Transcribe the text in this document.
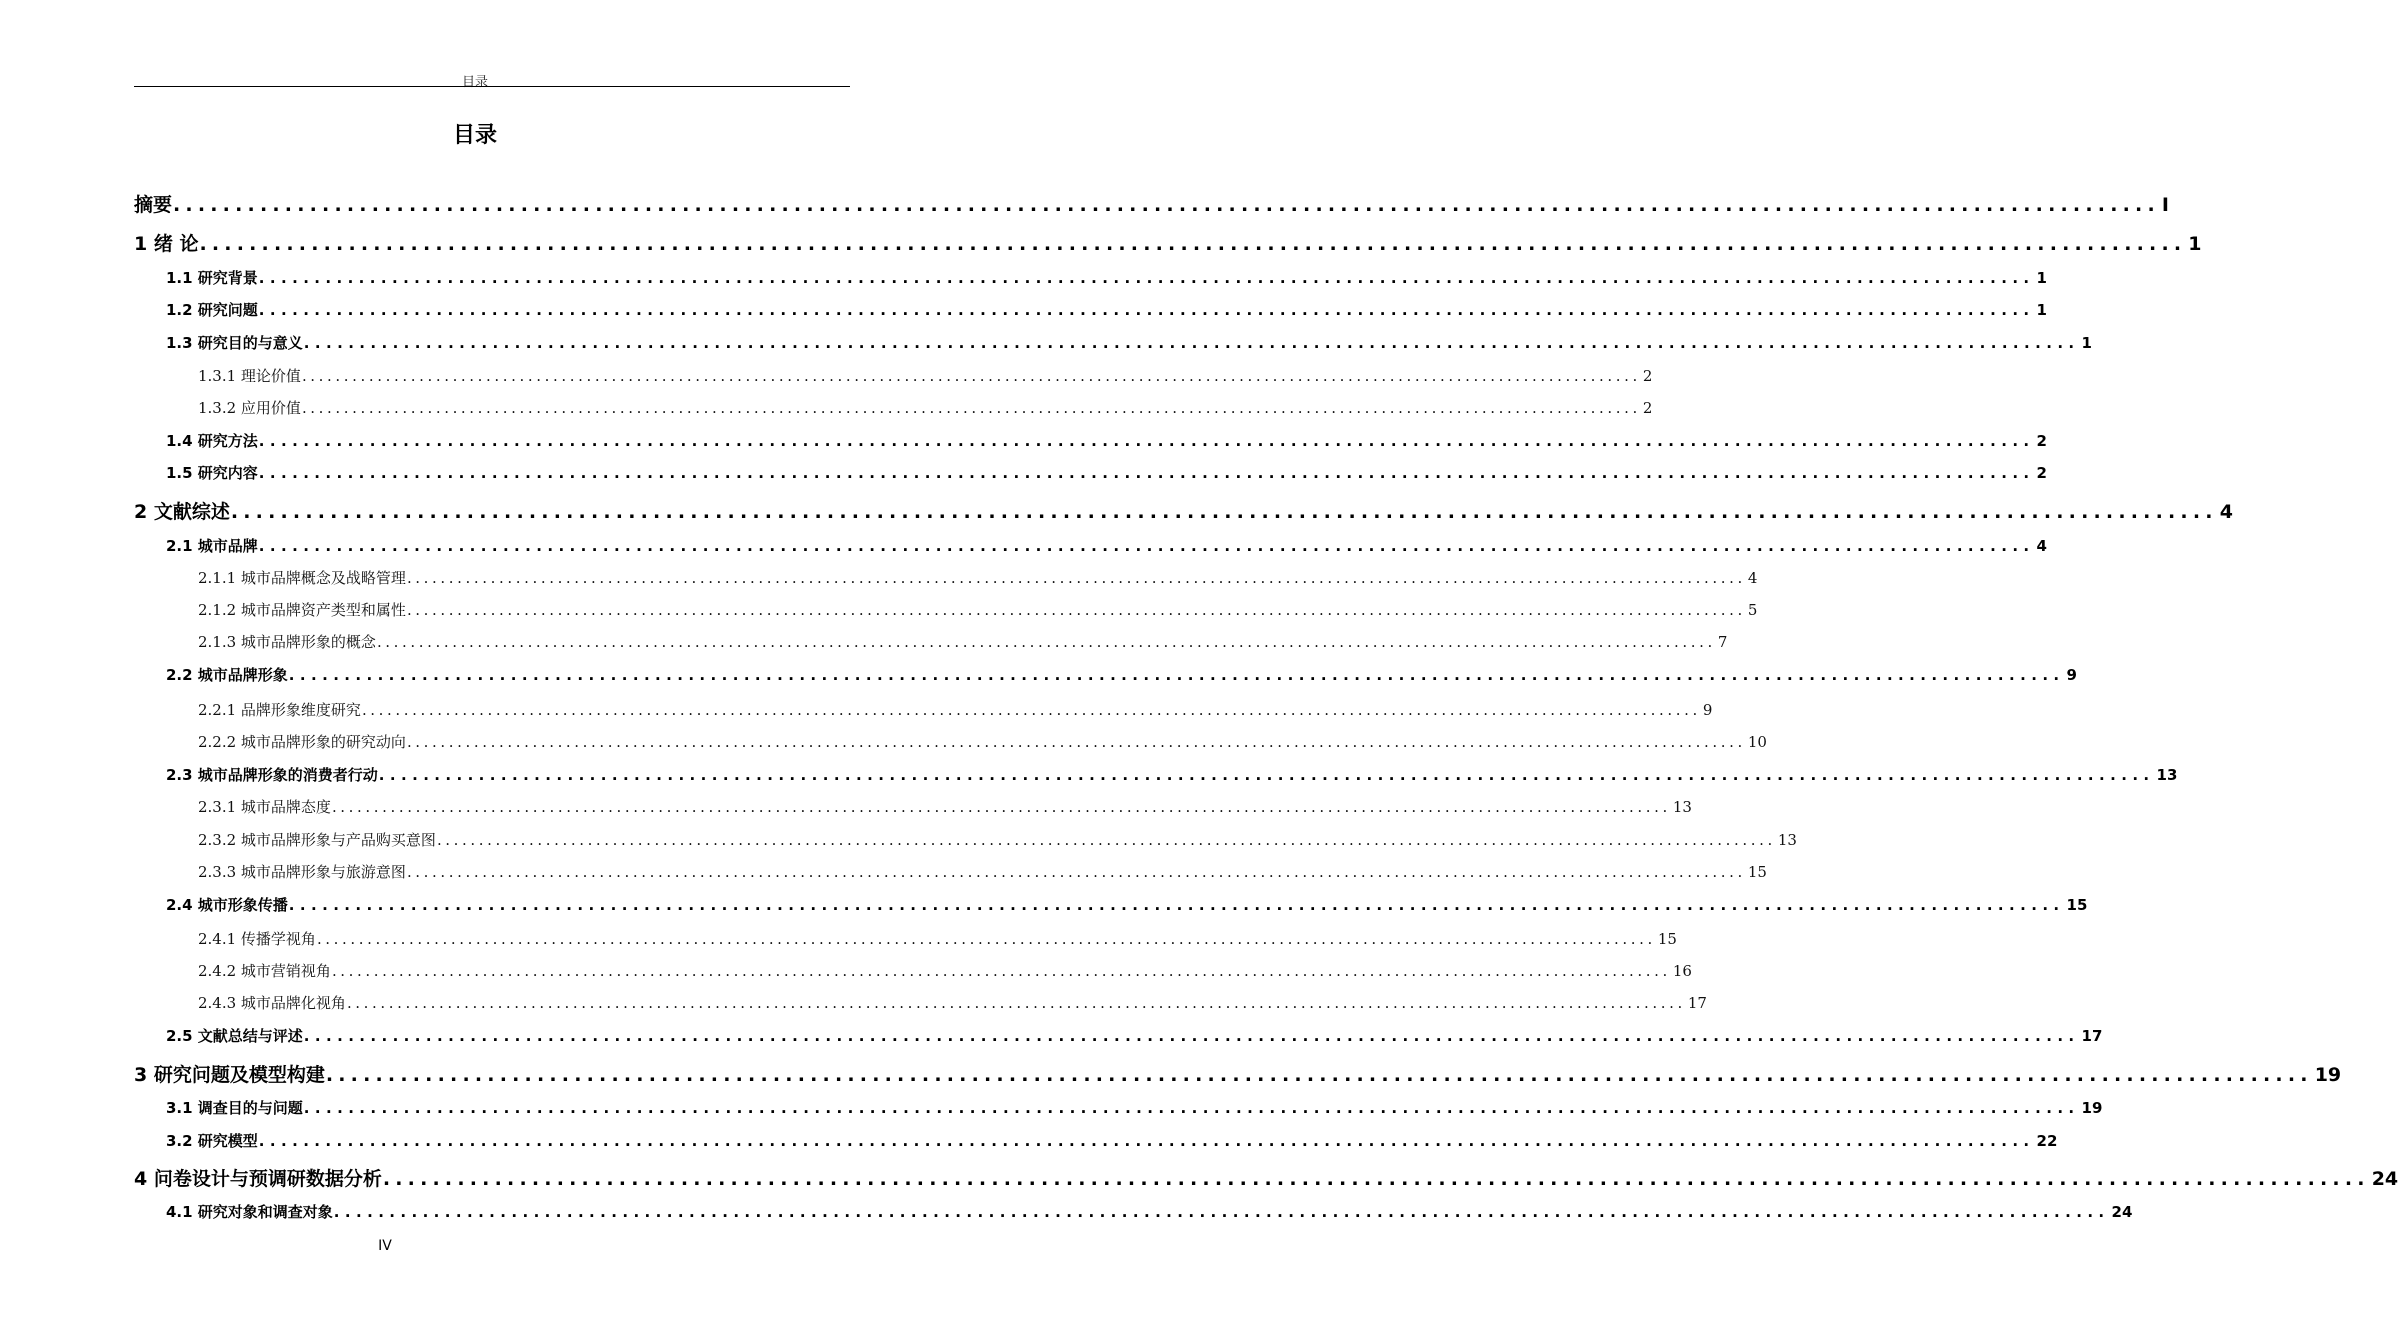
目录
目录
摘要 ................................................................................................................................................................ I
1 绪 论 ................................................................................................................................................................ 1
1.1 研究背景 ................................................................................................................................................................ 1
1.2 研究问题 ................................................................................................................................................................ 1
1.3 研究目的与意义 ................................................................................................................................................................ 1
1.3.1 理论价值 ................................................................................................................................................................ 2
1.3.2 应用价值 ................................................................................................................................................................ 2
1.4 研究方法 ................................................................................................................................................................ 2
1.5 研究内容 ................................................................................................................................................................ 2
2 文献综述 ................................................................................................................................................................ 4
2.1 城市品牌 ................................................................................................................................................................ 4
2.1.1 城市品牌概念及战略管理 ................................................................................................................................................................ 4
2.1.2 城市品牌资产类型和属性 ................................................................................................................................................................ 5
2.1.3 城市品牌形象的概念 ................................................................................................................................................................ 7
2.2 城市品牌形象 ................................................................................................................................................................ 9
2.2.1 品牌形象维度研究 ................................................................................................................................................................ 9
2.2.2 城市品牌形象的研究动向 ................................................................................................................................................................ 10
2.3 城市品牌形象的消费者行动 ................................................................................................................................................................ 13
2.3.1 城市品牌态度 ................................................................................................................................................................ 13
2.3.2 城市品牌形象与产品购买意图 ................................................................................................................................................................ 13
2.3.3 城市品牌形象与旅游意图 ................................................................................................................................................................ 15
2.4 城市形象传播 ................................................................................................................................................................ 15
2.4.1 传播学视角 ................................................................................................................................................................ 15
2.4.2 城市营销视角 ................................................................................................................................................................ 16
2.4.3 城市品牌化视角 ................................................................................................................................................................ 17
2.5 文献总结与评述 ................................................................................................................................................................ 17
3 研究问题及模型构建 ................................................................................................................................................................ 19
3.1 调查目的与问题 ................................................................................................................................................................ 19
3.2 研究模型 ................................................................................................................................................................ 22
4 问卷设计与预调研数据分析 ................................................................................................................................................................ 24
4.1 研究对象和调查对象 ................................................................................................................................................................ 24
IV
